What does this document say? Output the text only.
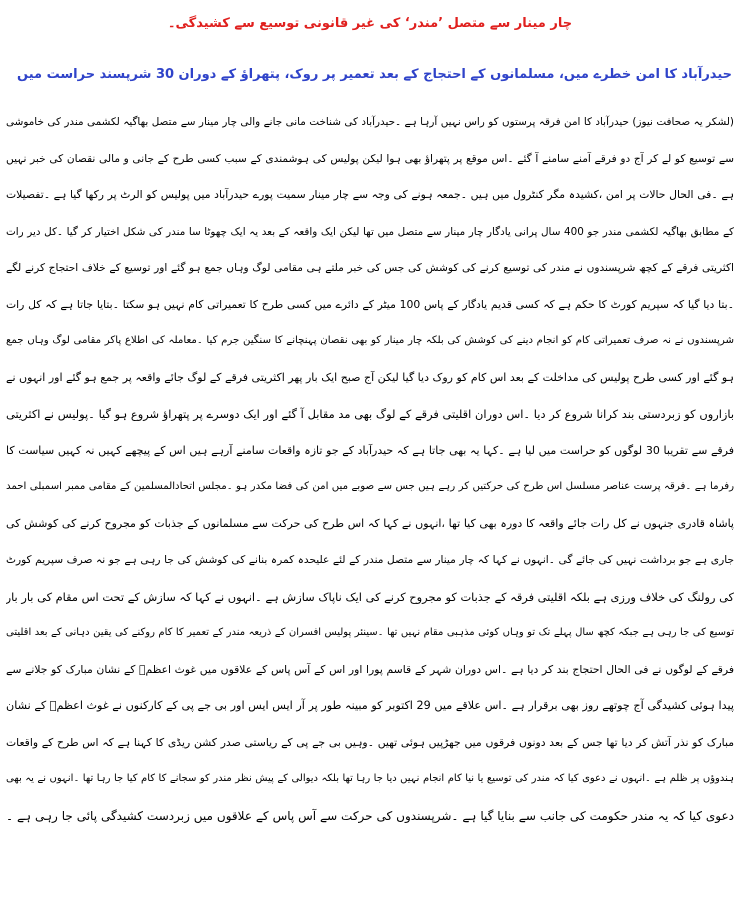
چار مینار سے متصل ’مندر‘ کی غیر قانونی توسیع سے کشیدگی۔
حیدرآباد کا امن خطرے میں، مسلمانوں کے احتجاج کے بعد تعمیر پر روک، پتھراؤ کے دوران 30 شرپسند حراست میں
(لشکر یہ صحافت نیوز) حیدرآباد کا امن فرقہ پرستوں کو راس نہیں آرہا ہے ۔حیدرآباد کی شناخت مانی جانے والی چار مینار سے متصل بھاگیہ لکشمی مندر کی خاموشی
سے توسیع کو لے کر آج دو فرقے آمنے سامنے آ گئے ۔اس موقع پر پتھراؤ بھی ہوا لیکن پولیس کی ہوشمندی کے سبب کسی طرح کے جانی و مالی نقصان کی خبر نہیں
ہے ۔فی الحال حالات پر امن ،کشیدہ مگر کنٹرول میں ہیں ۔جمعہ ہونے کی وجہ سے چار مینار سمیت پورے حیدرآباد میں پولیس کو الرٹ پر رکھا گیا ہے ۔تفصیلات
کے مطابق بھاگیہ لکشمی مندر جو 400 سال پرانی یادگار چار مینار سے متصل میں تھا لیکن ایک واقعہ کے بعد یہ ایک چھوٹا سا مندر کی شکل اختیار کر گیا ۔کل دیر رات
اکثریتی فرقے کے کچھ شرپسندوں نے مندر کی توسیع کرنے کی کوشش کی جس کی خبر ملتے ہی مقامی لوگ وہاں جمع ہو گئے اور توسیع کے خلاف احتجاج کرنے لگے
۔بتا دیا گیا کہ سپریم کورٹ کا حکم ہے کہ کسی قدیم یادگار کے پاس 100 میٹر کے دائرے میں کسی طرح کا تعمیراتی کام نہیں ہو سکتا ۔بتایا جاتا ہے کہ کل رات
شرپسندوں نے نہ صرف تعمیراتی کام کو انجام دینے کی کوشش کی بلکہ چار مینار کو بھی نقصان پہنچانے کا سنگین جرم کیا ۔معاملہ کی اطلاع پاکر مقامی لوگ وہاں جمع
ہو گئے اور کسی طرح پولیس کی مداخلت کے بعد اس کام کو روک دیا گیا لیکن آج صبح ایک بار پھر اکثریتی فرقے کے لوگ جائے واقعہ پر جمع ہو گئے اور انہوں نے
بازاروں کو زبردستی بند کرانا شروع کر دیا ۔اس دوران اقلیتی فرقے کے لوگ بھی مد مقابل آ گئے اور ایک دوسرے پر پتھراؤ شروع ہو گیا ۔پولیس نے اکثریتی
فرقے سے تقریبا 30 لوگوں کو حراست میں لیا ہے ۔کہا یہ بھی جاتا ہے کہ حیدرآباد کے جو تازہ واقعات سامنے آرہے ہیں اس کے پیچھے کہیں نہ کہیں سیاست کا
رفرما ہے ۔فرقہ پرست عناصر مسلسل اس طرح کی حرکتیں کر رہے ہیں جس سے صوبے میں امن کی فضا مکدر ہو ۔مجلس اتحادالمسلمین کے مقامی ممبر اسمبلی احمد
پاشاہ قادری جنہوں نے کل رات جائے واقعہ کا دورہ بھی کیا تھا ،انہوں نے کہا کہ اس طرح کی حرکت سے مسلمانوں کے جذبات کو مجروح کرنے کی کوشش کی
جاری ہے جو برداشت نہیں کی جائے گی ۔انہوں نے کہا کہ چار مینار سے متصل مندر کے لئے علیحدہ کمرہ بنانے کی کوشش کی جا رہی ہے جو نہ صرف سپریم کورٹ
کی رولنگ کی خلاف ورزی ہے بلکہ اقلیتی فرقہ کے جذبات کو مجروح کرنے کی ایک ناپاک سازش ہے ۔انہوں نے کہا کہ سازش کے تحت اس مقام کی بار بار
توسیع کی جا رہی ہے جبکہ کچھ سال پہلے تک تو وہاں کوئی مذہبی مقام نہیں تھا ۔سینئر پولیس افسران کے ذریعہ مندر کے تعمیر کا کام روکنے کی یقین دہانی کے بعد اقلیتی
فرقے کے لوگوں نے فی الحال احتجاج بند کر دیا ہے ۔اس دوران شہر کے قاسم پورا اور اس کے آس پاس کے علاقوں میں غوث اعظمؒ کے نشان مبارک کو جلانے سے
پیدا ہوئی کشیدگی آج چوتھے روز بھی برقرار ہے ۔اس علاقے میں 29 اکتوبر کو مبینہ طور پر آر ایس ایس اور بی جے پی کے کارکنوں نے غوث اعظمؒ کے نشان
مبارک کو نذر آتش کر دیا تھا جس کے بعد دونوں فرقوں میں جھڑپیں ہوئی تھیں ۔وہیں بی جے پی کے ریاستی صدر کشن ریڈی کا کہنا ہے کہ اس طرح کے واقعات
ہندوؤں پر ظلم ہے ۔انہوں نے دعوی کیا کہ مندر کی توسیع یا نیا کام انجام نہیں دیا جا رہا تھا بلکہ دیوالی کے پیش نظر مندر کو سجانے کا کام کیا جا رہا تھا ۔انہوں نے یہ بھی
دعوی کیا کہ یہ مندر حکومت کی جانب سے بنایا گیا ہے ۔شرپسندوں کی حرکت سے آس پاس کے علاقوں میں زبردست کشیدگی پائی جا رہی ہے ۔
